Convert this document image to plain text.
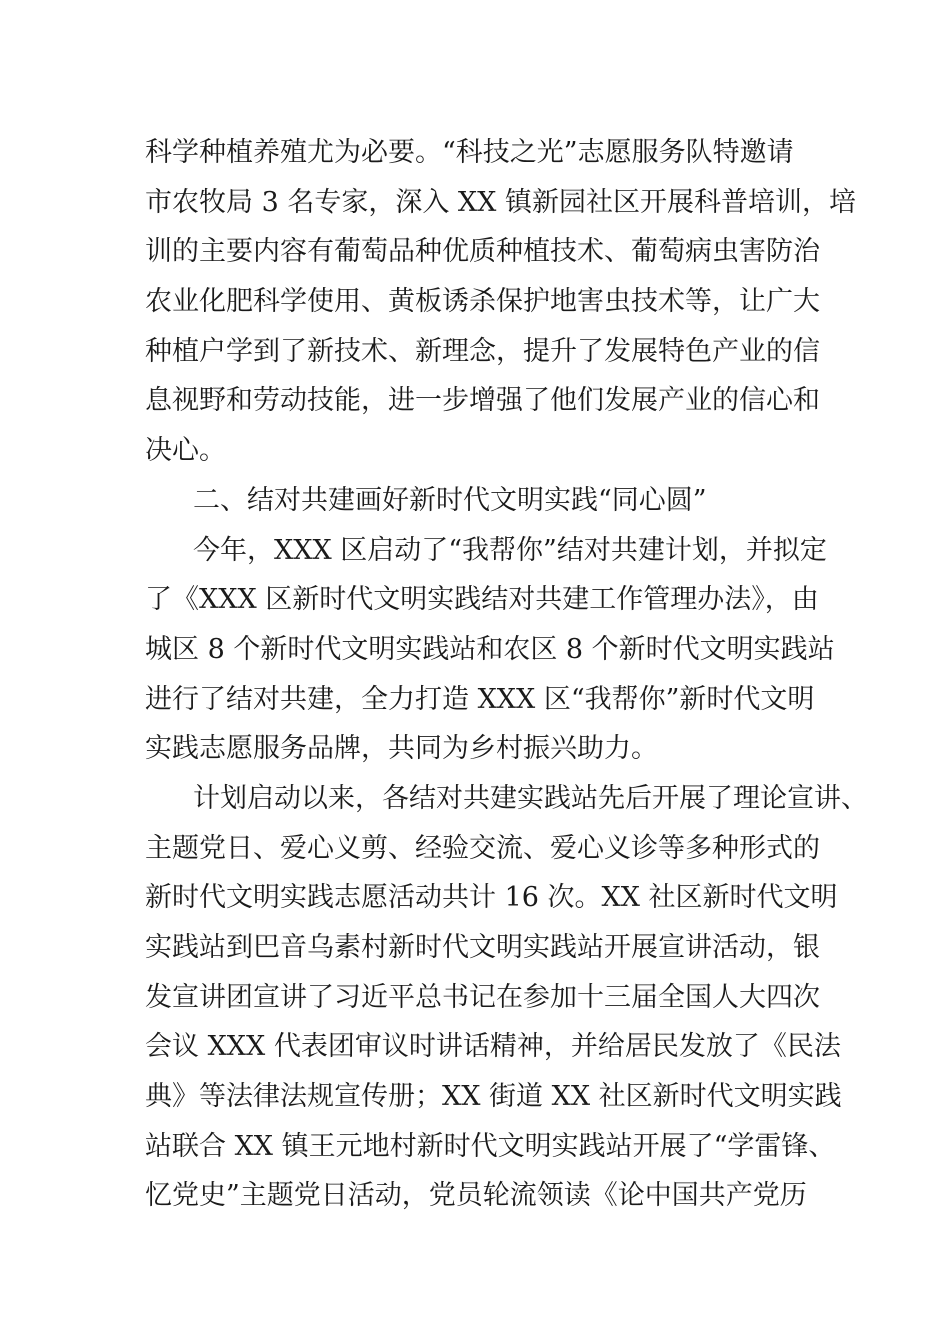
科学种植养殖尤为必要。“科技之光”志愿服务队特邀请
市农牧局 3 名专家，深入 XX 镇新园社区开展科普培训，培
训的主要内容有葡萄品种优质种植技术、葡萄病虫害防治
农业化肥科学使用、黄板诱杀保护地害虫技术等，让广大
种植户学到了新技术、新理念，提升了发展特色产业的信
息视野和劳动技能，进一步增强了他们发展产业的信心和
决心。
二、结对共建画好新时代文明实践“同心圆”
今年，XXX 区启动了“我帮你”结对共建计划，并拟定
了《XXX 区新时代文明实践结对共建工作管理办法》，由
城区 8 个新时代文明实践站和农区 8 个新时代文明实践站
进行了结对共建，全力打造 XXX 区“我帮你”新时代文明
实践志愿服务品牌，共同为乡村振兴助力。
计划启动以来，各结对共建实践站先后开展了理论宣讲、
主题党日、爱心义剪、经验交流、爱心义诊等多种形式的
新时代文明实践志愿活动共计 16 次。XX 社区新时代文明
实践站到巴音乌素村新时代文明实践站开展宣讲活动，银
发宣讲团宣讲了习近平总书记在参加十三届全国人大四次
会议 XXX 代表团审议时讲话精神，并给居民发放了《民法
典》等法律法规宣传册；XX 街道 XX 社区新时代文明实践
站联合 XX 镇王元地村新时代文明实践站开展了“学雷锋、
忆党史”主题党日活动，党员轮流领读《论中国共产党历
